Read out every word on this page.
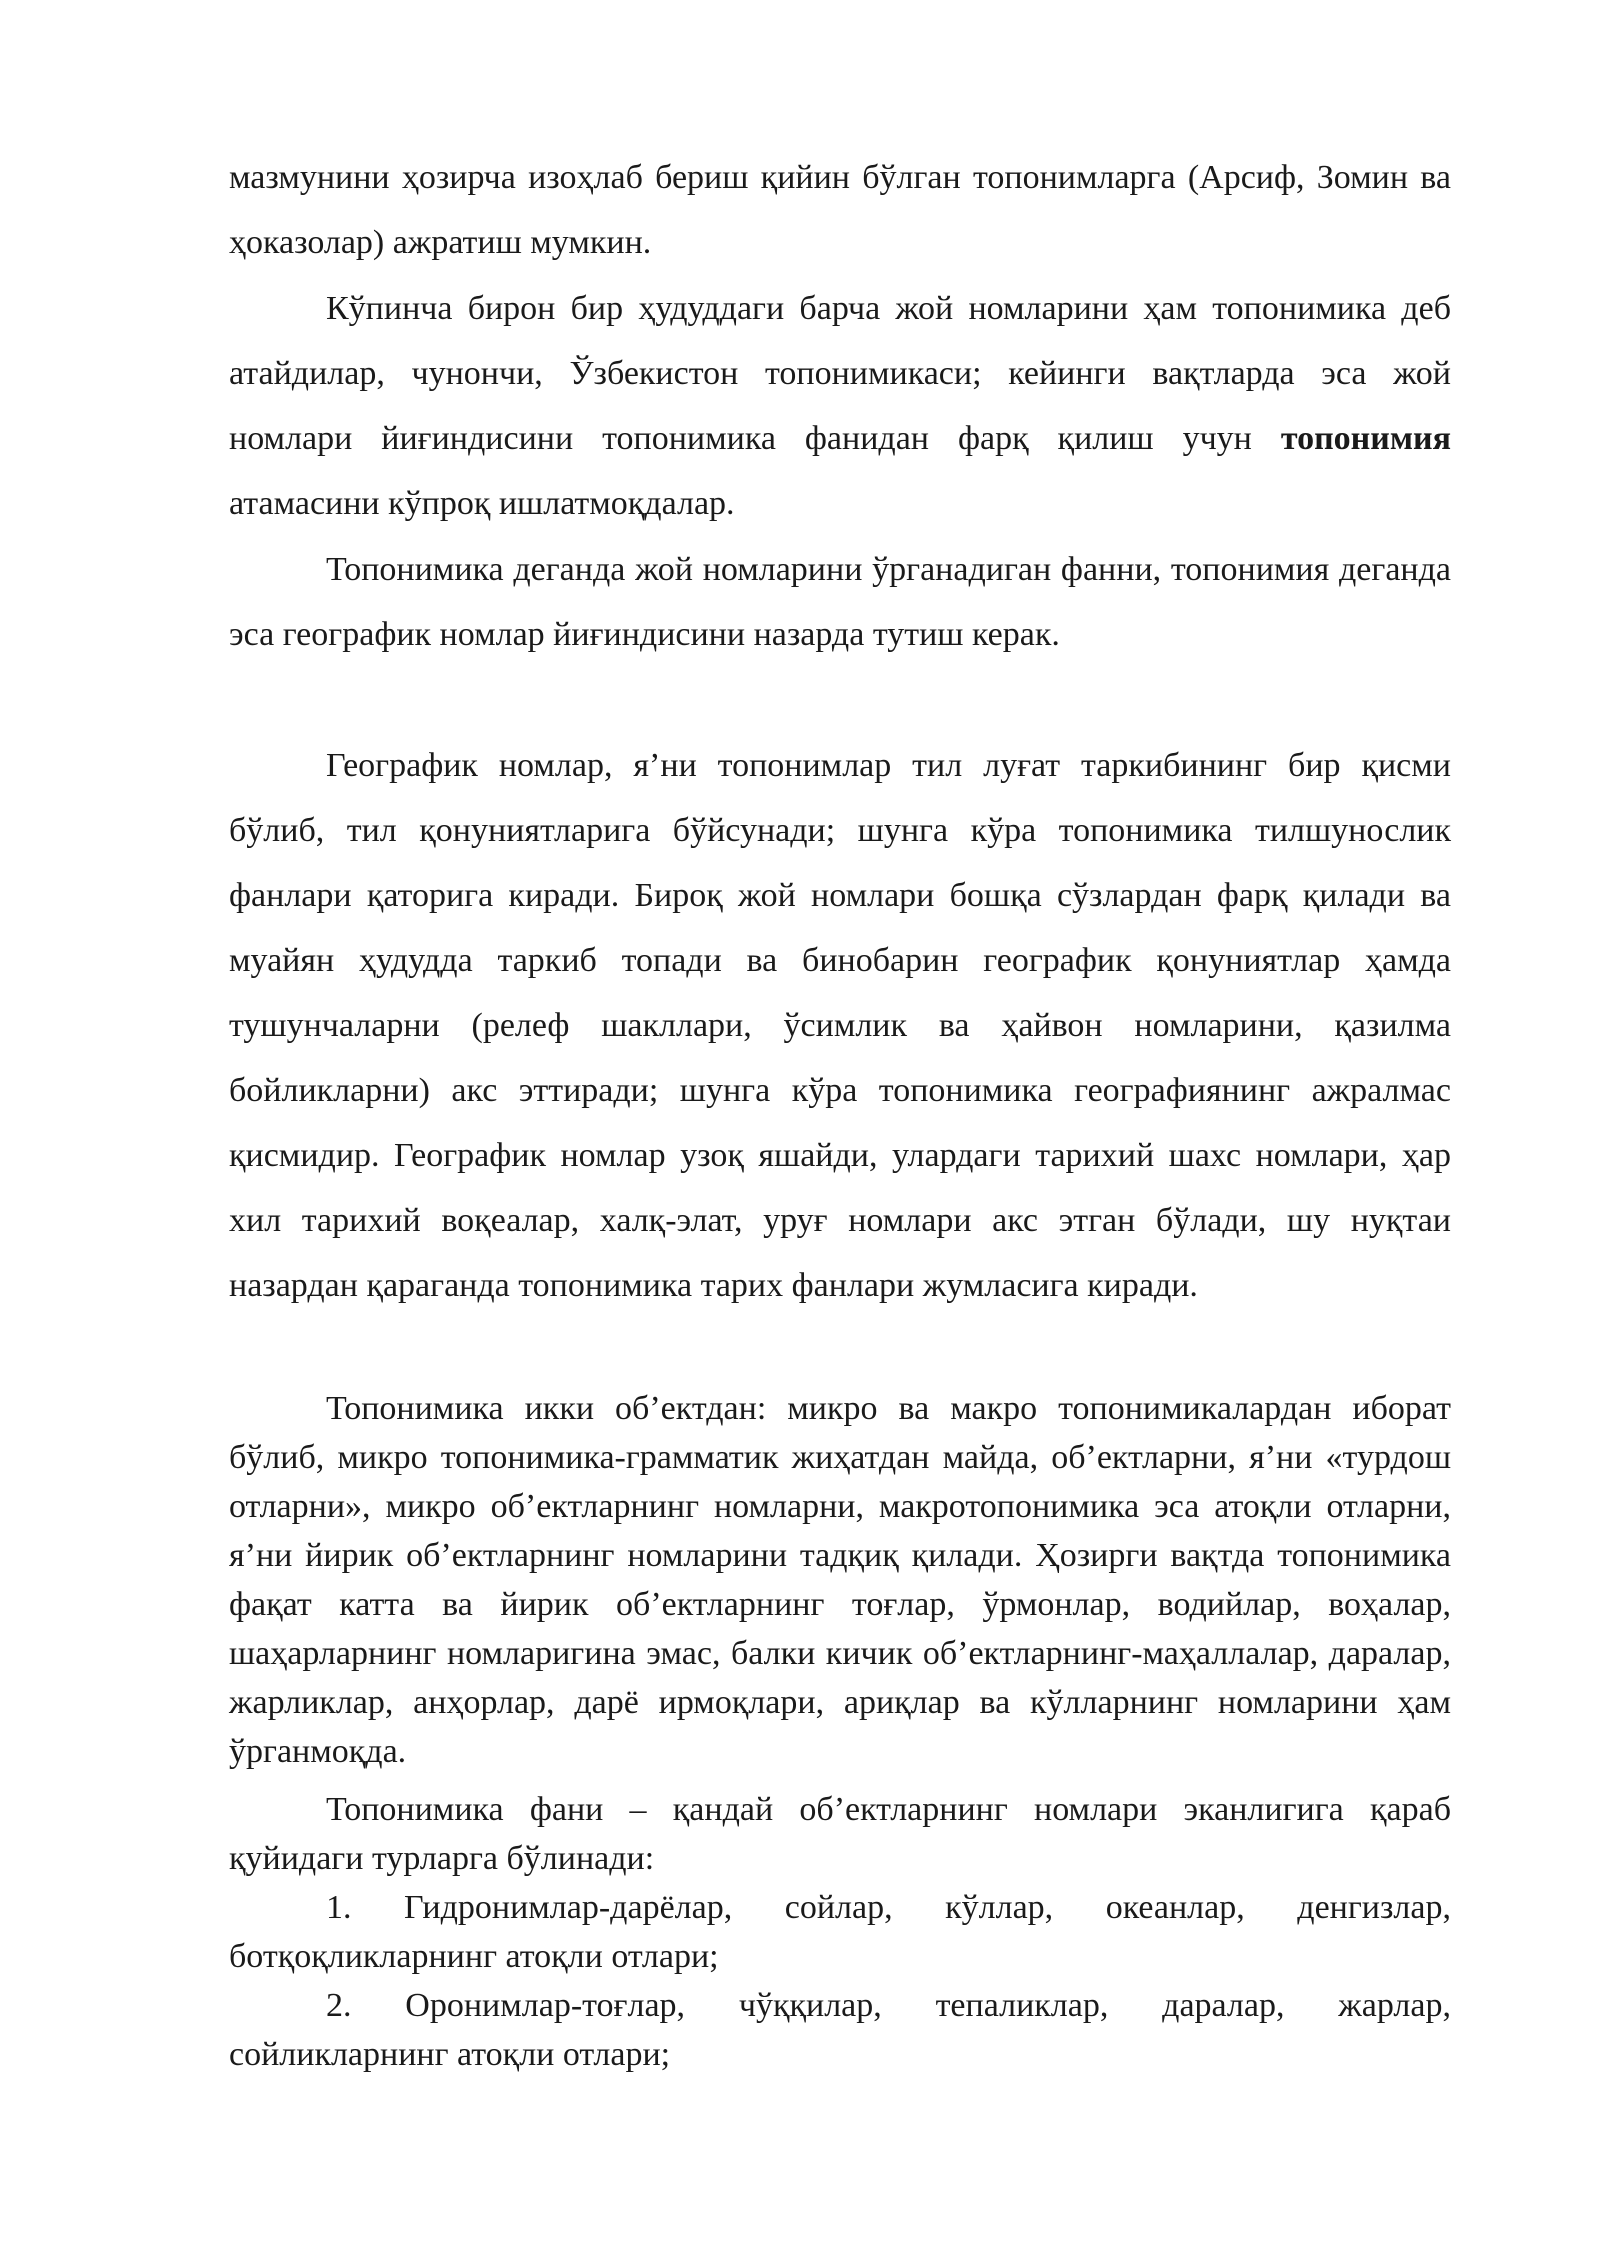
мазмунини ҳозирча изоҳлаб бериш қийин бўлган топонимларга (Арсиф, Зомин ва ҳоказолар) ажратиш мумкин.

Кўпинча бирон бир ҳудуддаги барча жой номларини ҳам топонимика деб атайдилар, чунончи, Ўзбекистон топонимикаси; кейинги вақтларда эса жой номлари йиғиндисини топонимика фанидан фарқ қилиш учун топонимия атамасини кўпроқ ишлатмоқдалар.

Топонимика деганда жой номларини ўрганадиган фанни, топонимия деганда эса географик номлар йиғиндисини назарда тутиш керак.

Географик номлар, я’ни топонимлар тил луғат таркибининг бир қисми бўлиб, тил қонуниятларига бўйсунади; шунга кўра топонимика тилшунослик фанлари қаторига киради. Бироқ жой номлари бошқа сўзлардан фарқ қилади ва муайян ҳудудда таркиб топади ва бинобарин географик қонуниятлар ҳамда тушунчаларни (релеф шакллари, ўсимлик ва ҳайвон номларини, қазилма бойликларни) акс эттиради; шунга кўра топонимика географиянинг ажралмас қисмидир. Географик номлар узоқ яшайди, улардаги тарихий шахс номлари, ҳар хил тарихий воқеалар, халқ-элат, уруғ номлари акс этган бўлади, шу нуқтаи назардан қараганда топонимика тарих фанлари жумласига киради.

Топонимика икки об’ектдан: микро ва макро топонимикалардан иборат бўлиб, микро топонимика-грамматик жиҳатдан майда, об’ектларни, я’ни «турдош отларни», микро об’ектларнинг номларни, макротопонимика эса атоқли отларни, я’ни йирик об’ектларнинг номларини тадқиқ қилади. Ҳозирги вақтда топонимика фақат катта ва йирик об’ектларнинг тоғлар, ўрмонлар, водийлар, воҳалар, шаҳарларнинг номларигина эмас, балки кичик об’ектларнинг-маҳаллалар, даралар, жарликлар, анҳорлар, дарё ирмоқлари, ариқлар ва кўлларнинг номларини ҳам ўрганмоқда.

Топонимика фани – қандай об’ектларнинг номлари эканлигига қараб қуйидаги турларга бўлинади:

1. Гидронимлар-дарёлар, сойлар, кўллар, океанлар, денгизлар, ботқоқликларнинг атоқли отлари;

2. Оронимлар-тоғлар, чўққилар, тепаликлар, даралар, жарлар, сойликларнинг атоқли отлари;
